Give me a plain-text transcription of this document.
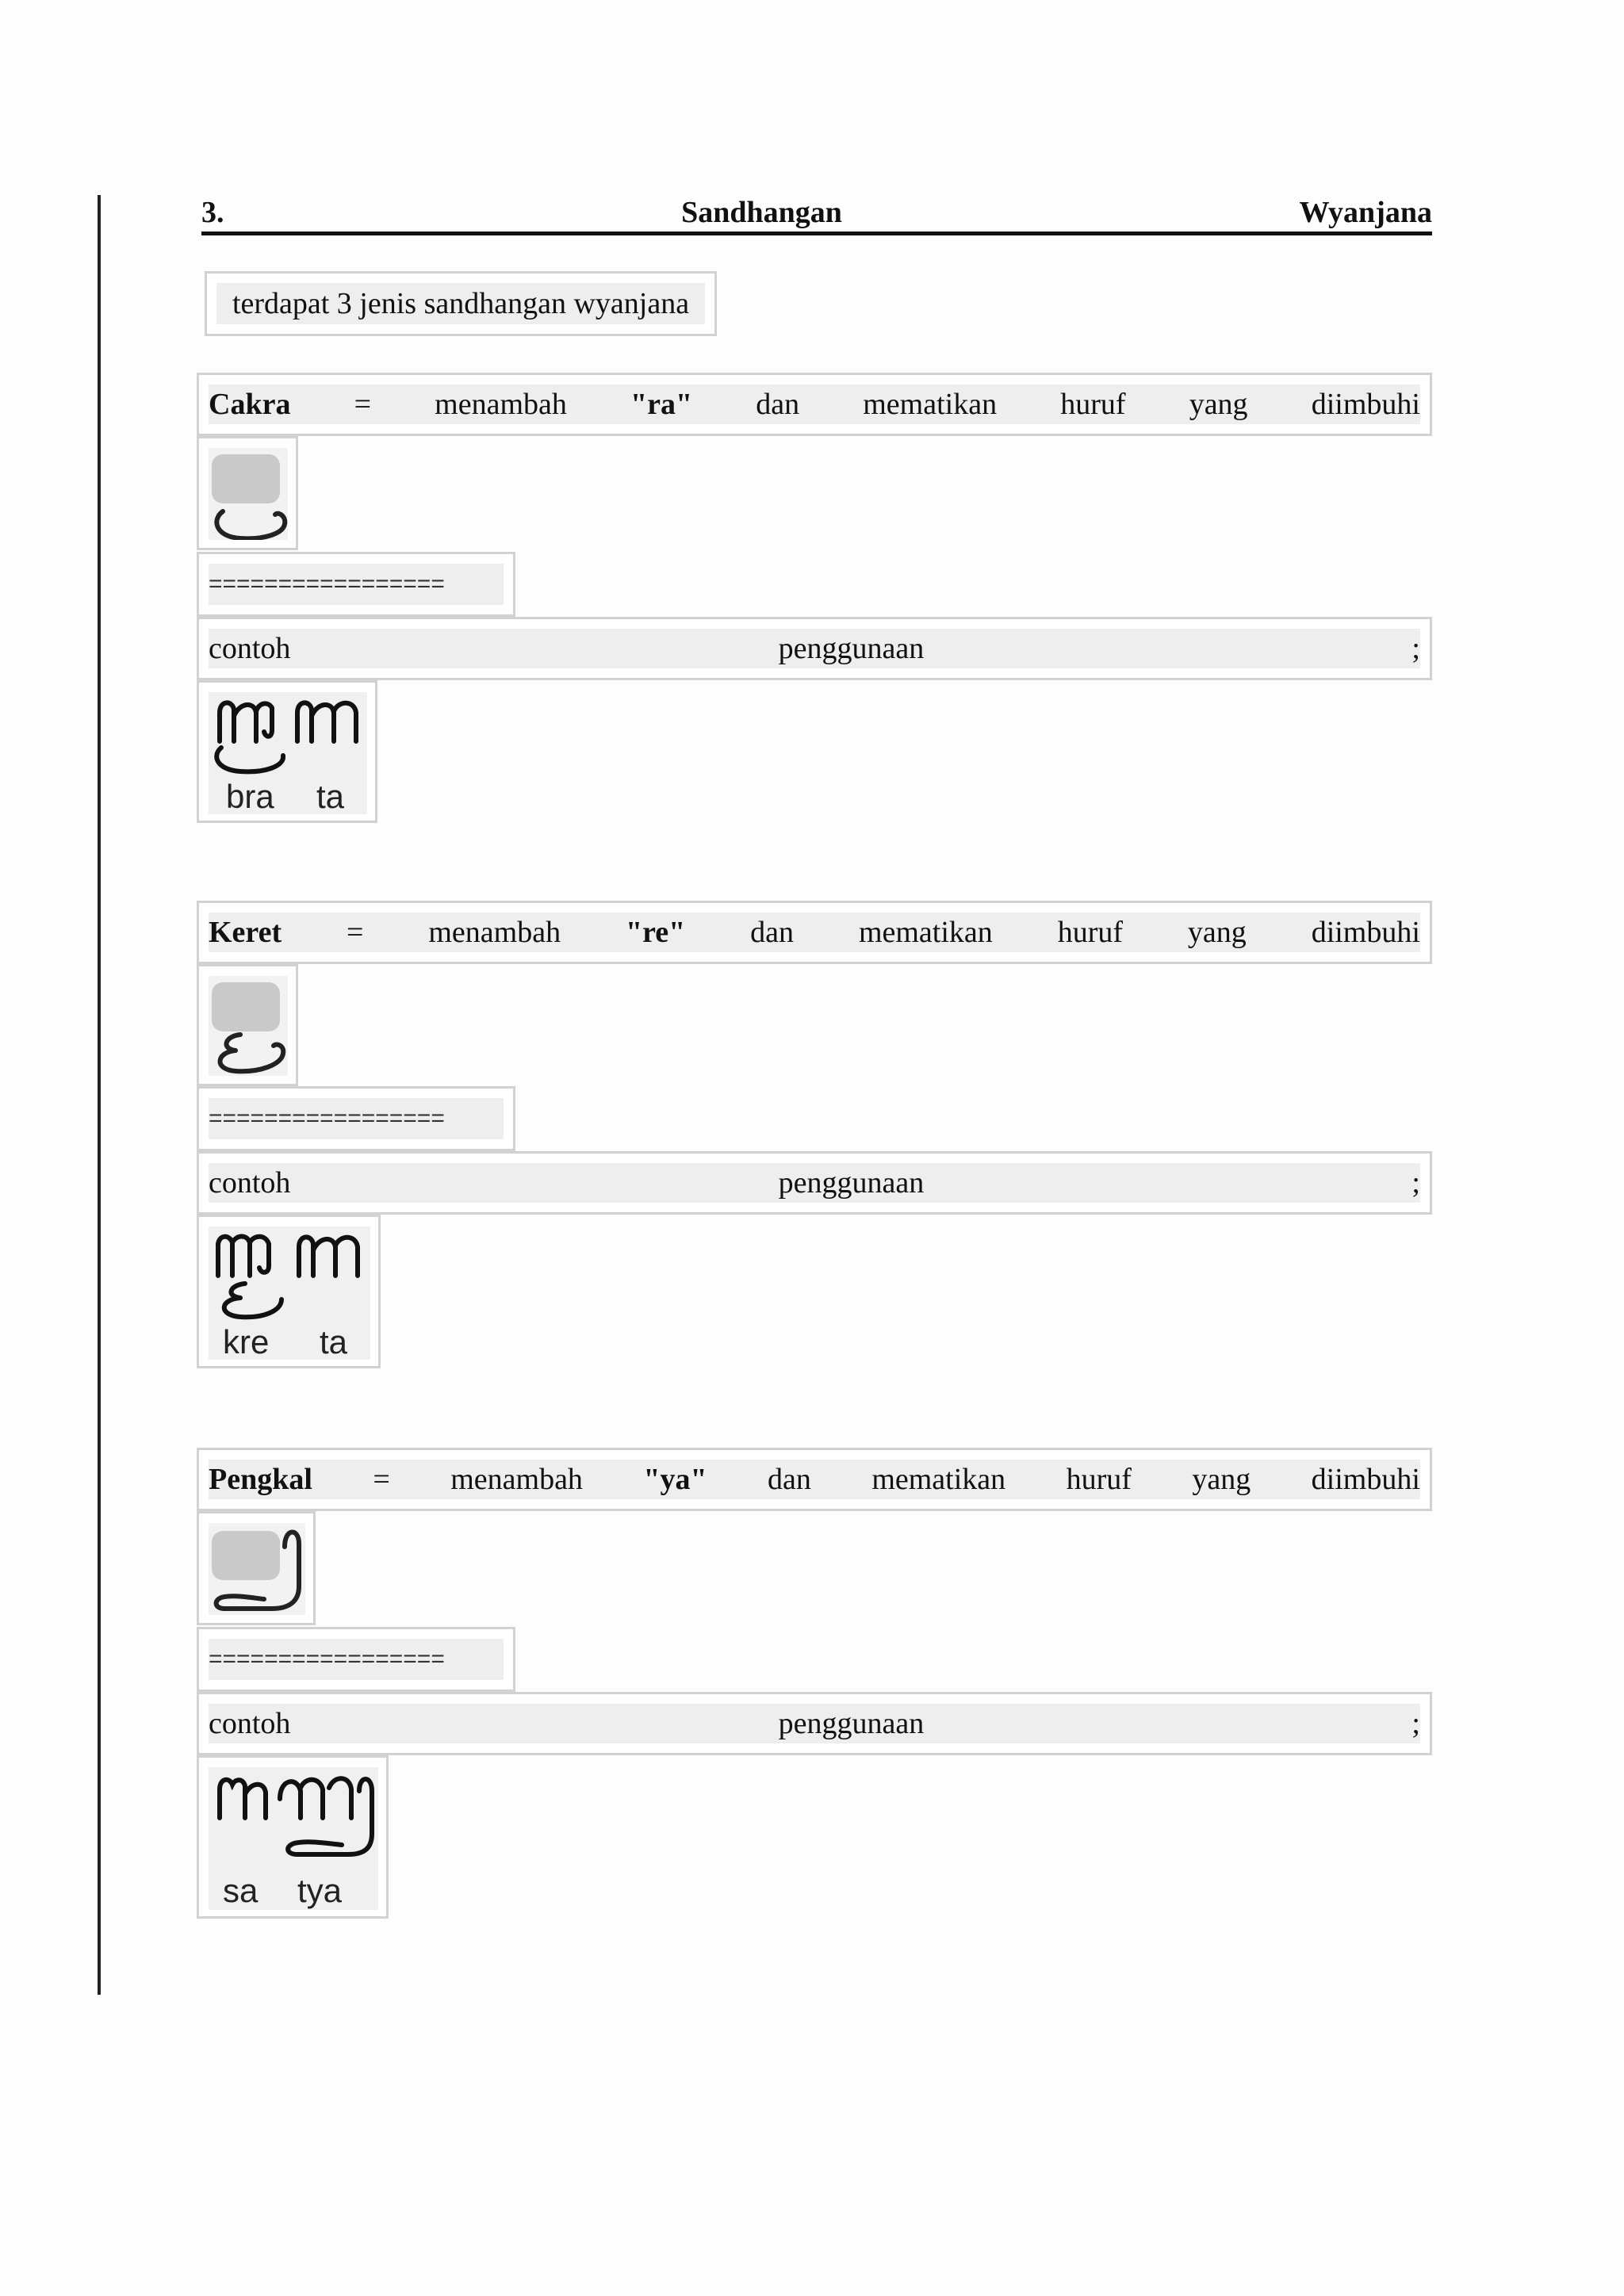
3.	Sandhangan	Wyanjana
terdapat 3 jenis sandhangan wyanjana
Cakra = menambah "ra" dan mematikan huruf yang diimbuhi
=================
contoh	penggunaan	;
bra ta
Keret = menambah "re" dan mematikan huruf yang diimbuhi
=================
contoh	penggunaan	;
kre ta
Pengkal = menambah "ya" dan mematikan huruf yang diimbuhi
=================
contoh	penggunaan	;
sa tya
